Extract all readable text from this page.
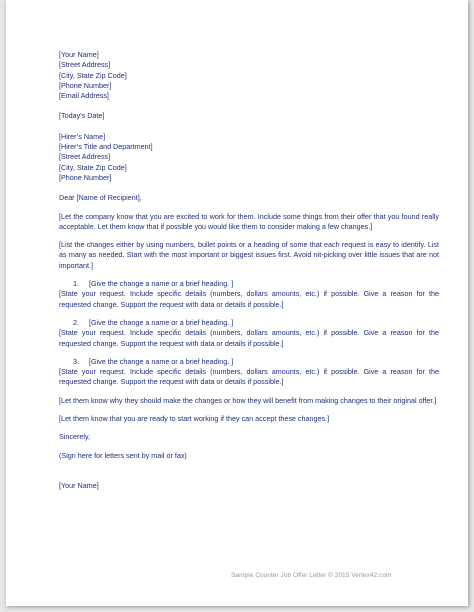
[Your Name]
[Street Address]
[City, State Zip Code]
[Phone Number]
[Email Address]
[Today’s Date]
[Hirer’s Name]
[Hirer’s Title and Department]
[Street Address]
[City, State Zip Code]
[Phone Number]
Dear [Name of Recipient],

[Let the company know that you are excited to work for them. Include some things from their offer that you found really acceptable. Let them know that if possible you would like them to consider making a few changes.]

[List the changes either by using numbers, bullet points or a heading of some that each request is easy to identify. List as many as needed. Start with the most important or biggest issues first. Avoid nit-picking over little issues that are not important.]

1. [Give the change a name or a brief heading. ]

[State your request. Include specific details (numbers, dollars amounts, etc.) if possible. Give a reason for the requested change. Support the request with data or details if possible.]

2. [Give the change a name or a brief heading. ]

[State your request. Include specific details (numbers, dollars amounts, etc.) if possible. Give a reason for the requested change. Support the request with data or details if possible.]

3. [Give the change a name or a brief heading. ]

[State your request. Include specific details (numbers, dollars amounts, etc.) if possible. Give a reason for the requested change. Support the request with data or details if possible.]

[Let them know why they should make the changes or how they will benefit from making changes to their original offer.]

[Let them know that you are ready to start working if they can accept these changes.]

Sincerely,
(Sign here for letters sent by mail or fax)
[Your Name]
Sample Counter Job Offer Letter © 2015 Vertex42.com
